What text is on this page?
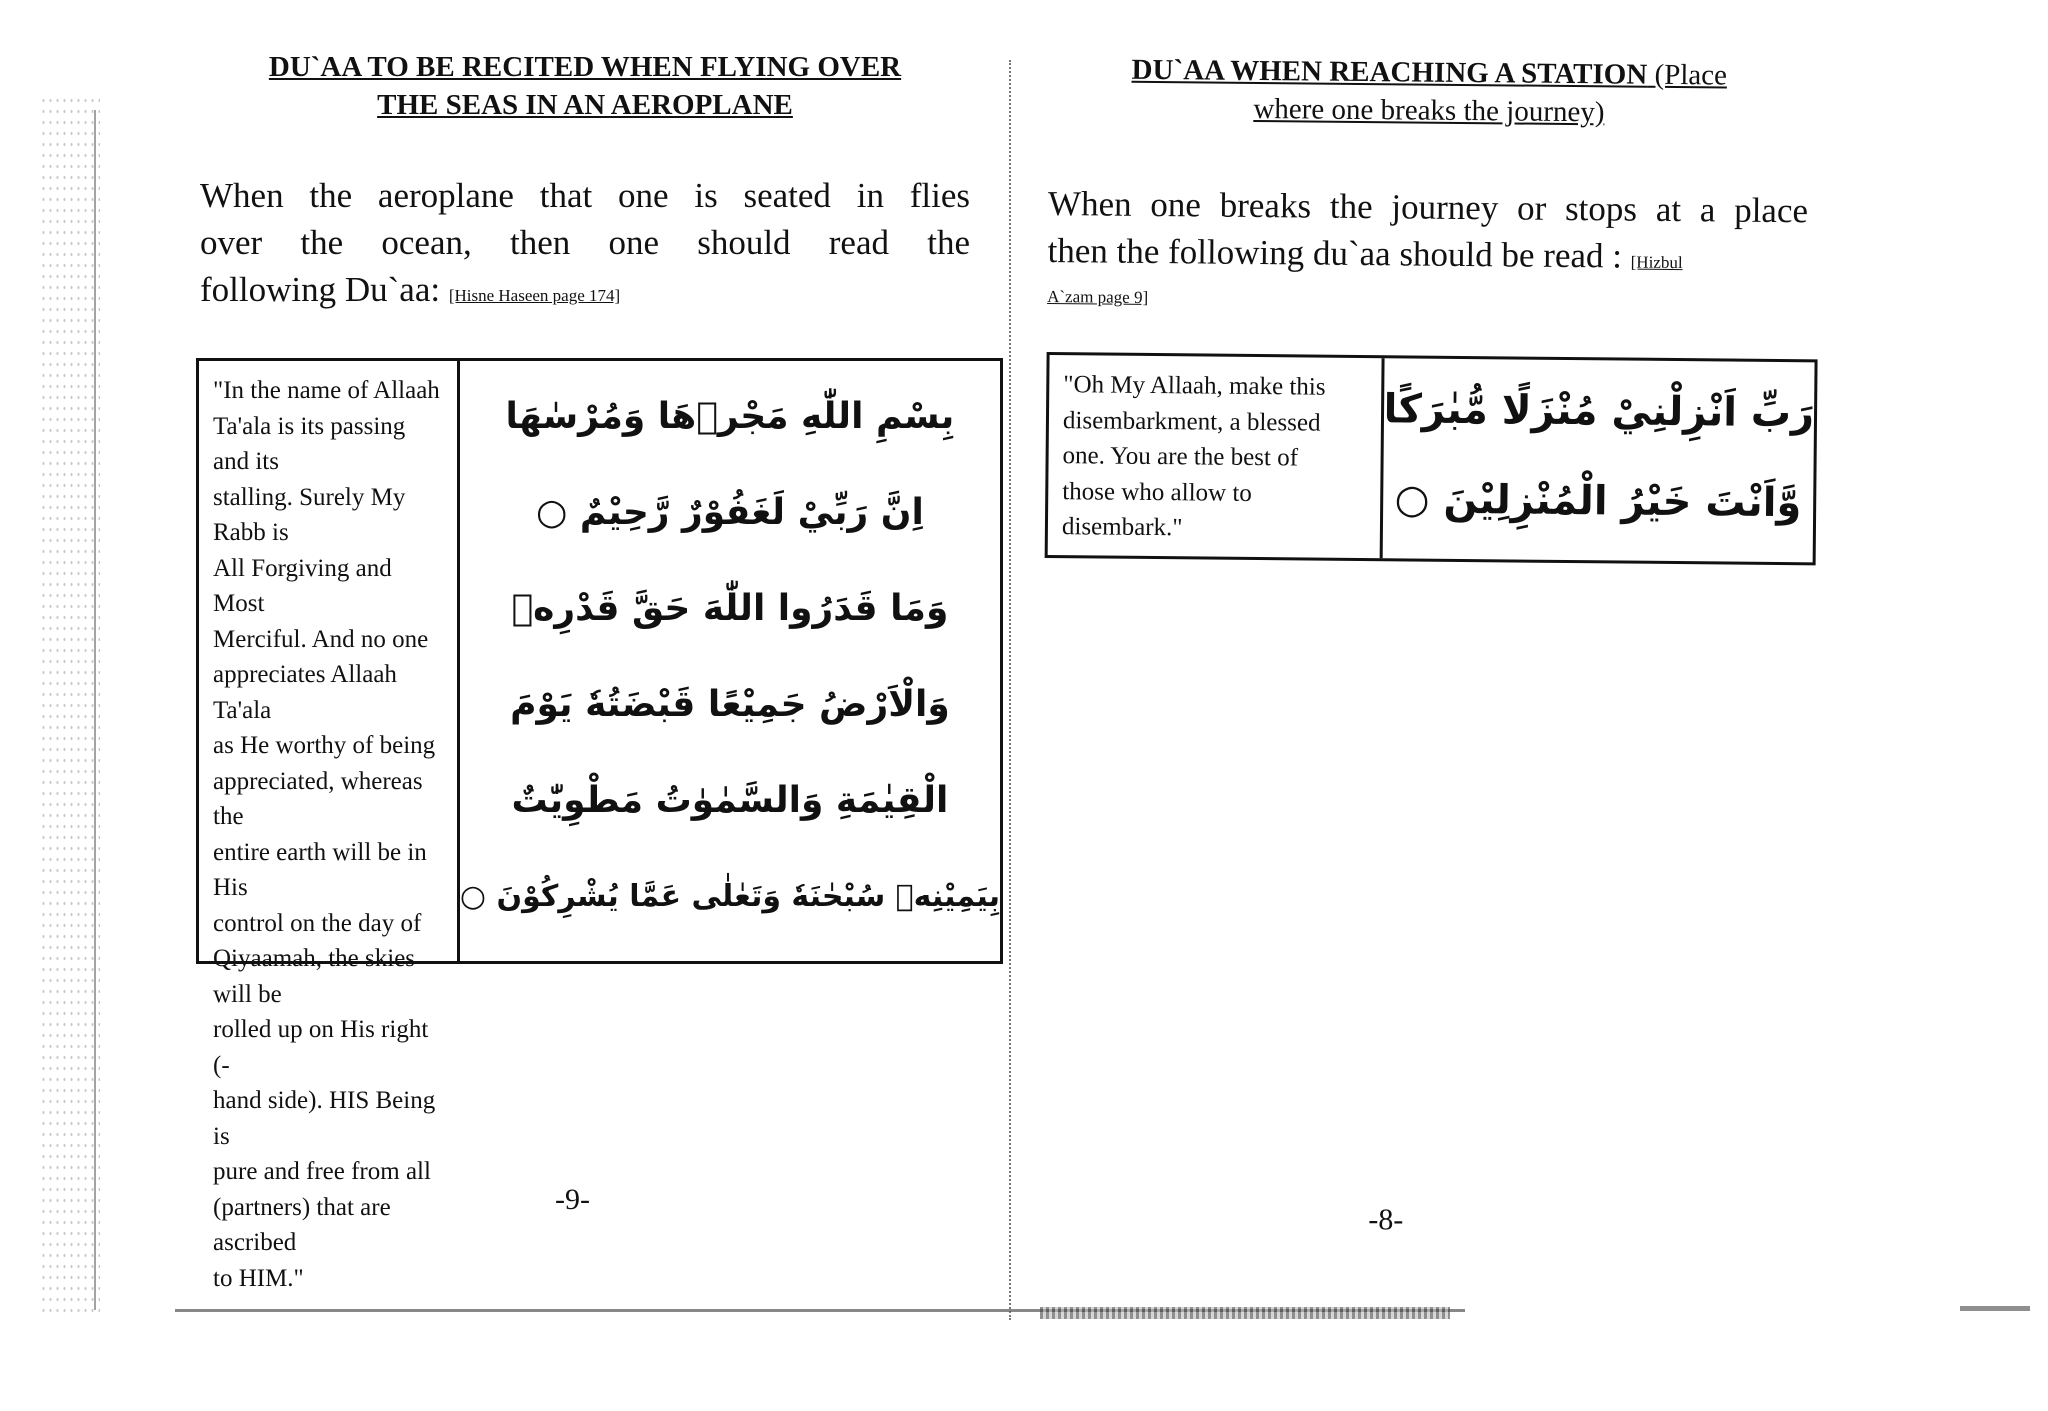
DU`AA TO BE RECITED WHEN FLYING OVER

THE SEAS IN AN AEROPLANE

When the aeroplane that one is seated in flies

over the ocean, then one should read the

following Du`aa: [Hisne Haseen page 174]

"In the name of Allaah
Ta'ala is its passing and its
stalling. Surely My Rabb is
All Forgiving and Most
Merciful. And no one
appreciates Allaah Ta'ala
as He worthy of being
appreciated, whereas the
entire earth will be in His
control on the day of
Qiyaamah, the skies will be
rolled up on His right (-
hand side). HIS Being is
pure and free from all
(partners) that are ascribed
to HIM."
بِسْمِ اللّٰهِ مَجْرٖهَا وَمُرْسٰهَا
اِنَّ رَبِّيْ لَغَفُوْرٌ رَّحِيْمٌ ○
وَمَا قَدَرُوا اللّٰهَ حَقَّ قَدْرِهٖ
وَالْاَرْضُ جَمِيْعًا قَبْضَتُهٗ يَوْمَ
الْقِيٰمَةِ وَالسَّمٰوٰتُ مَطْوِيّٰتٌ
بِيَمِيْنِهٖ سُبْحٰنَهٗ وَتَعٰلٰى عَمَّا يُشْرِكُوْنَ ○
-9-

DU`AA WHEN REACHING A STATION (Place

where one breaks the journey)

When one breaks the journey or stops at a place

then the following du`aa should be read : [Hizbul

A`zam page 9]

"Oh My Allaah, make this
disembarkment, a blessed
one. You are the best of
those who allow to
disembark."
رَبِّ اَنْزِلْنِيْ مُنْزَلًا مُّبٰرَكًا
وَّاَنْتَ خَيْرُ الْمُنْزِلِيْنَ ○
-8-
